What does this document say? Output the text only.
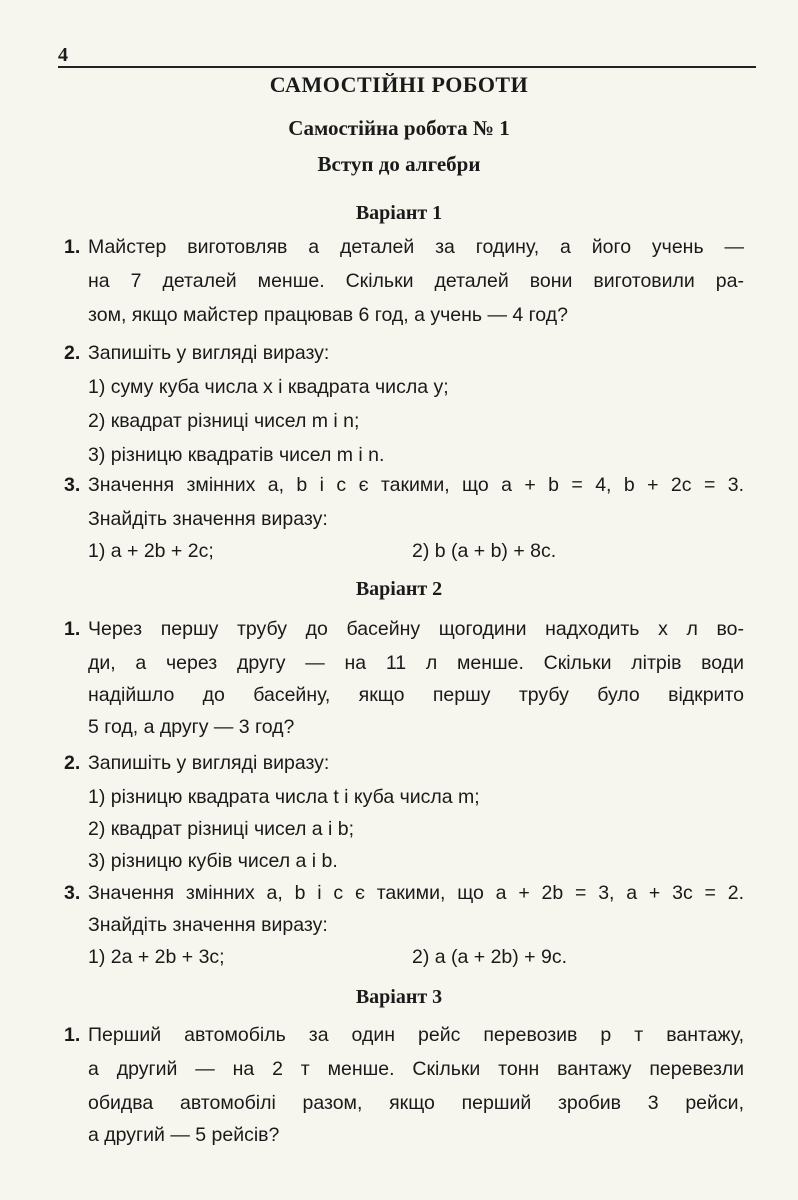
4
САМОСТІЙНІ РОБОТИ
Самостійна робота № 1
Вступ до алгебри
Варіант 1
1. Майстер виготовляв a деталей за годину, а його учень —
на 7 деталей менше. Скільки деталей вони виготовили ра-
зом, якщо майстер працював 6 год, а учень — 4 год?
2. Запишіть у вигляді виразу:
1) суму куба числа x і квадрата числа y;
2) квадрат різниці чисел m і n;
3) різницю квадратів чисел m і n.
3. Значення змінних a, b і c є такими, що a + b = 4, b + 2c = 3.
Знайдіть значення виразу:
1) a + 2b + 2c;	2) b (a + b) + 8c.
Варіант 2
1. Через першу трубу до басейну щогодини надходить x л во-
ди, а через другу — на 11 л менше. Скільки літрів води
надійшло до басейну, якщо першу трубу було відкрито
5 год, а другу — 3 год?
2. Запишіть у вигляді виразу:
1) різницю квадрата числа t і куба числа m;
2) квадрат різниці чисел a і b;
3) різницю кубів чисел a і b.
3. Значення змінних a, b і c є такими, що a + 2b = 3, a + 3c = 2.
Знайдіть значення виразу:
1) 2a + 2b + 3c;	2) a (a + 2b) + 9c.
Варіант 3
1. Перший автомобіль за один рейс перевозив p т вантажу,
а другий — на 2 т менше. Скільки тонн вантажу перевезли
обидва автомобілі разом, якщо перший зробив 3 рейси,
а другий — 5 рейсів?
